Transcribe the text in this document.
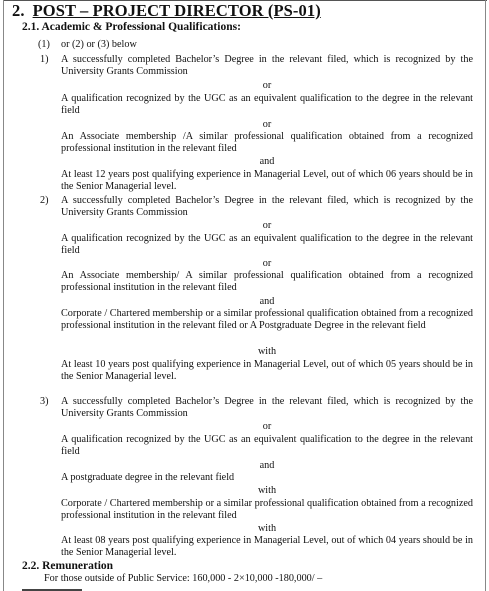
2. POST – PROJECT DIRECTOR (PS-01)
2.1. Academic & Professional Qualifications:
(1) or (2) or (3) below
1) A successfully completed Bachelor’s Degree in the relevant filed, which is recognized by the University Grants Commission
or
A qualification recognized by the UGC as an equivalent qualification to the degree in the relevant field
or
An Associate membership /A similar professional qualification obtained from a recognized professional institution in the relevant filed
and
At least 12 years post qualifying experience in Managerial Level, out of which 06 years should be in the Senior Managerial level.
2) A successfully completed Bachelor’s Degree in the relevant filed, which is recognized by the University Grants Commission
or
A qualification recognized by the UGC as an equivalent qualification to the degree in the relevant field
or
An Associate membership/ A similar professional qualification obtained from a recognized professional institution in the relevant filed
and
Corporate / Chartered membership or a similar professional qualification obtained from a recognized professional institution in the relevant filed or A Postgraduate Degree in the relevant field
with
At least 10 years post qualifying experience in Managerial Level, out of which 05 years should be in the Senior Managerial level.
3) A successfully completed Bachelor’s Degree in the relevant filed, which is recognized by the University Grants Commission
or
A qualification recognized by the UGC as an equivalent qualification to the degree in the relevant field
and
A postgraduate degree in the relevant field
with
Corporate / Chartered membership or a similar professional qualification obtained from a recognized professional institution in the relevant filed
with
At least 08 years post qualifying experience in Managerial Level, out of which 04 years should be in the Senior Managerial level.
2.2. Remuneration
For those outside of Public Service: 160,000 - 2×10,000 -180,000/ –
